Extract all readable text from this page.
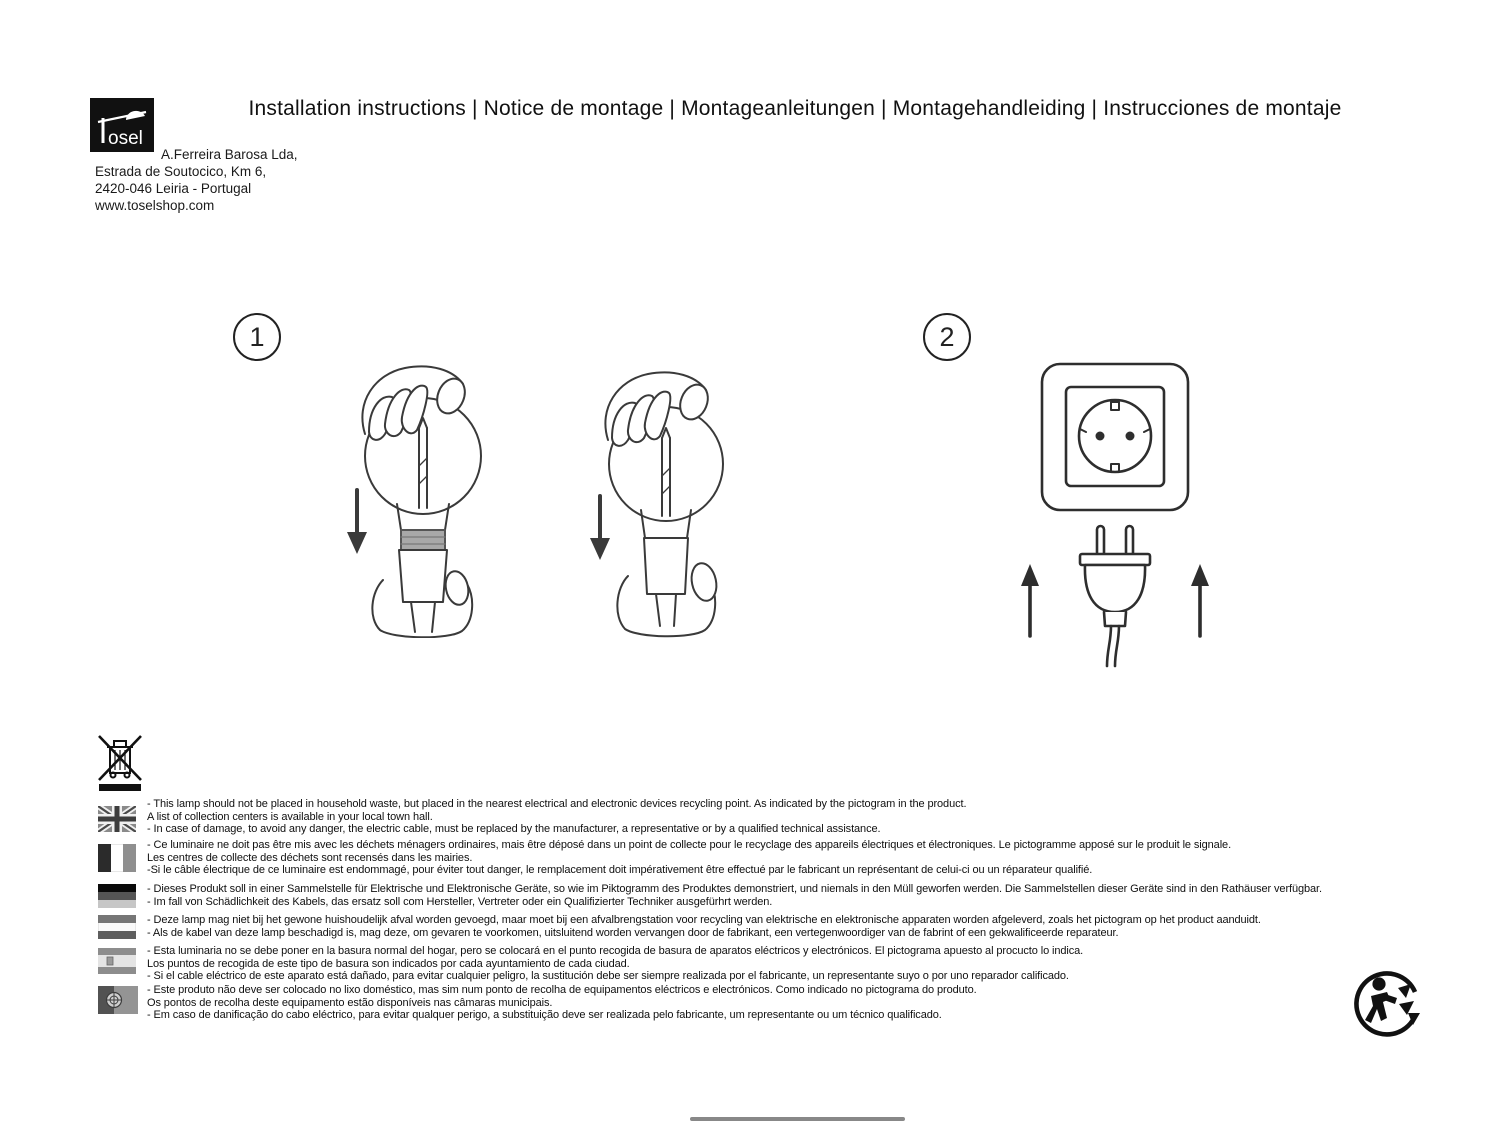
Installation instructions | Notice de montage | Montageanleitungen | Montagehandleiding | Instrucciones de montaje
osel
A.Ferreira Barosa Lda,
Estrada de Soutocico, Km 6,
2420-046 Leiria - Portugal
www.toselshop.com
1	2
- This lamp should not be placed in household waste, but placed in the nearest electrical and electronic devices recycling point. As indicated by the pictogram in the product.
A list of collection centers is available in your local town hall.
- In case of damage, to avoid any danger, the electric cable, must be replaced by the manufacturer, a representative or by a qualified technical assistance.
- Ce luminaire ne doit pas être mis avec les déchets ménagers ordinaires, mais être déposé dans un point de collecte pour le recyclage des appareils électriques et électroniques. Le pictogramme apposé sur le produit le signale.
Les centres de collecte des déchets sont recensés dans les mairies.
-Si le câble électrique de ce luminaire est endommagé, pour éviter tout danger, le remplacement doit impérativement être effectué par le fabricant un représentant de celui-ci ou un réparateur qualifié.
- Dieses Produkt soll in einer Sammelstelle für Elektrische und Elektronische Geräte, so wie im Piktogramm des Produktes demonstriert, und niemals in den Müll geworfen werden. Die Sammelstellen dieser Geräte sind in den Rathäuser verfügbar.
- Im fall von Schädlichkeit des Kabels, das ersatz soll com Hersteller, Vertreter oder ein Qualifizierter Techniker ausgefürhrt werden.
- Deze lamp mag niet bij het gewone huishoudelijk afval worden gevoegd, maar moet bij een afvalbrengstation voor recycling van elektrische en elektronische apparaten worden afgeleverd, zoals het pictogram op het product aanduidt.
- Als de kabel van deze lamp beschadigd is, mag deze, om gevaren te voorkomen, uitsluitend worden vervangen door de fabrikant, een vertegenwoordiger van de fabrint of een gekwalificeerde reparateur.
- Esta luminaria no se debe poner en la basura normal del hogar, pero se colocará en el punto recogida de basura de aparatos eléctricos y electrónicos. El pictograma apuesto al procucto lo indica.
Los puntos de recogida de este tipo de basura son indicados por cada ayuntamiento de cada ciudad.
- Si el cable eléctrico de este aparato está dañado, para evitar cualquier peligro, la sustitución debe ser siempre realizada por el fabricante, un representante suyo o por uno reparador calificado.
- Este produto não deve ser colocado no lixo doméstico, mas sim num ponto de recolha de equipamentos eléctricos e electrónicos. Como indicado no pictograma do produto.
Os pontos de recolha deste equipamento estão disponíveis nas câmaras municipais.
- Em caso de danificação do cabo eléctrico, para evitar qualquer perigo, a substituição deve ser realizada pelo fabricante, um representante ou um técnico qualificado.
